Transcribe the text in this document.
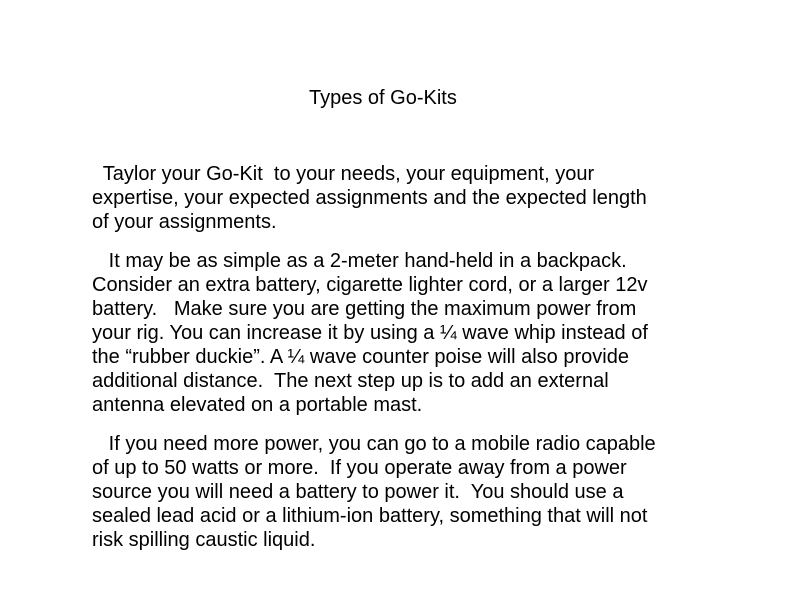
Types of Go-Kits

Taylor your Go-Kit  to your needs, your equipment, your
expertise, your expected assignments and the expected length
of your assignments.

It may be as simple as a 2-meter hand-held in a backpack.
Consider an extra battery, cigarette lighter cord, or a larger 12v
battery.   Make sure you are getting the maximum power from
your rig. You can increase it by using a ¼ wave whip instead of
the “rubber duckie”. A ¼ wave counter poise will also provide
additional distance.  The next step up is to add an external
antenna elevated on a portable mast.

If you need more power, you can go to a mobile radio capable
of up to 50 watts or more.  If you operate away from a power
source you will need a battery to power it.  You should use a
sealed lead acid or a lithium-ion battery, something that will not
risk spilling caustic liquid.
